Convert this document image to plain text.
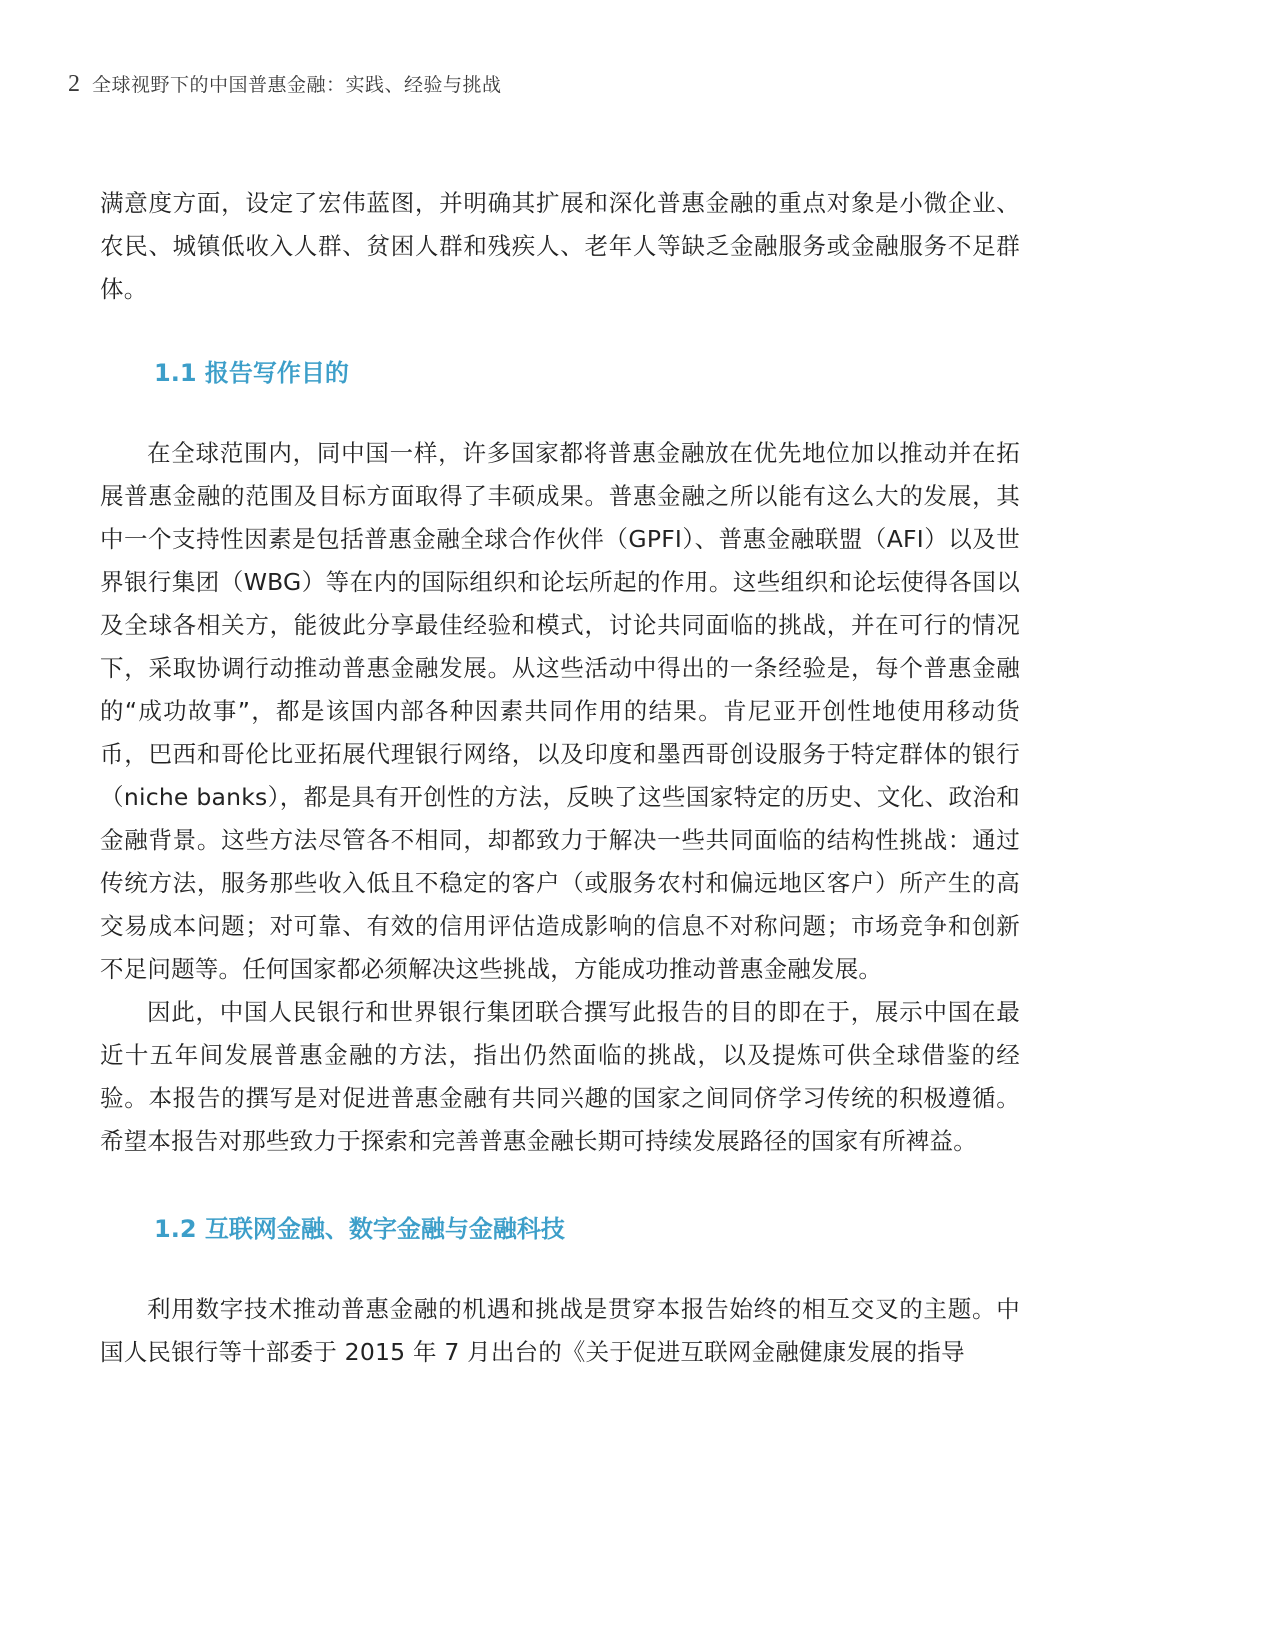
2 全球视野下的中国普惠金融：实践、经验与挑战

满意度方面，设定了宏伟蓝图，并明确其扩展和深化普惠金融的重点对象是小微企业、农民、城镇低收入人群、贫困人群和残疾人、老年人等缺乏金融服务或金融服务不足群体。

1.1 报告写作目的

在全球范围内，同中国一样，许多国家都将普惠金融放在优先地位加以推动并在拓展普惠金融的范围及目标方面取得了丰硕成果。普惠金融之所以能有这么大的发展，其中一个支持性因素是包括普惠金融全球合作伙伴（GPFI）、普惠金融联盟（AFI）以及世界银行集团（WBG）等在内的国际组织和论坛所起的作用。这些组织和论坛使得各国以及全球各相关方，能彼此分享最佳经验和模式，讨论共同面临的挑战，并在可行的情况下，采取协调行动推动普惠金融发展。从这些活动中得出的一条经验是，每个普惠金融的“成功故事”，都是该国内部各种因素共同作用的结果。肯尼亚开创性地使用移动货币，巴西和哥伦比亚拓展代理银行网络，以及印度和墨西哥创设服务于特定群体的银行（niche banks），都是具有开创性的方法，反映了这些国家特定的历史、文化、政治和金融背景。这些方法尽管各不相同，却都致力于解决一些共同面临的结构性挑战：通过传统方法，服务那些收入低且不稳定的客户（或服务农村和偏远地区客户）所产生的高交易成本问题；对可靠、有效的信用评估造成影响的信息不对称问题；市场竞争和创新不足问题等。任何国家都必须解决这些挑战，方能成功推动普惠金融发展。

因此，中国人民银行和世界银行集团联合撰写此报告的目的即在于，展示中国在最近十五年间发展普惠金融的方法，指出仍然面临的挑战，以及提炼可供全球借鉴的经验。本报告的撰写是对促进普惠金融有共同兴趣的国家之间同侪学习传统的积极遵循。希望本报告对那些致力于探索和完善普惠金融长期可持续发展路径的国家有所裨益。

1.2 互联网金融、数字金融与金融科技

利用数字技术推动普惠金融的机遇和挑战是贯穿本报告始终的相互交叉的主题。中国人民银行等十部委于 2015 年 7 月出台的《关于促进互联网金融健康发展的指导
